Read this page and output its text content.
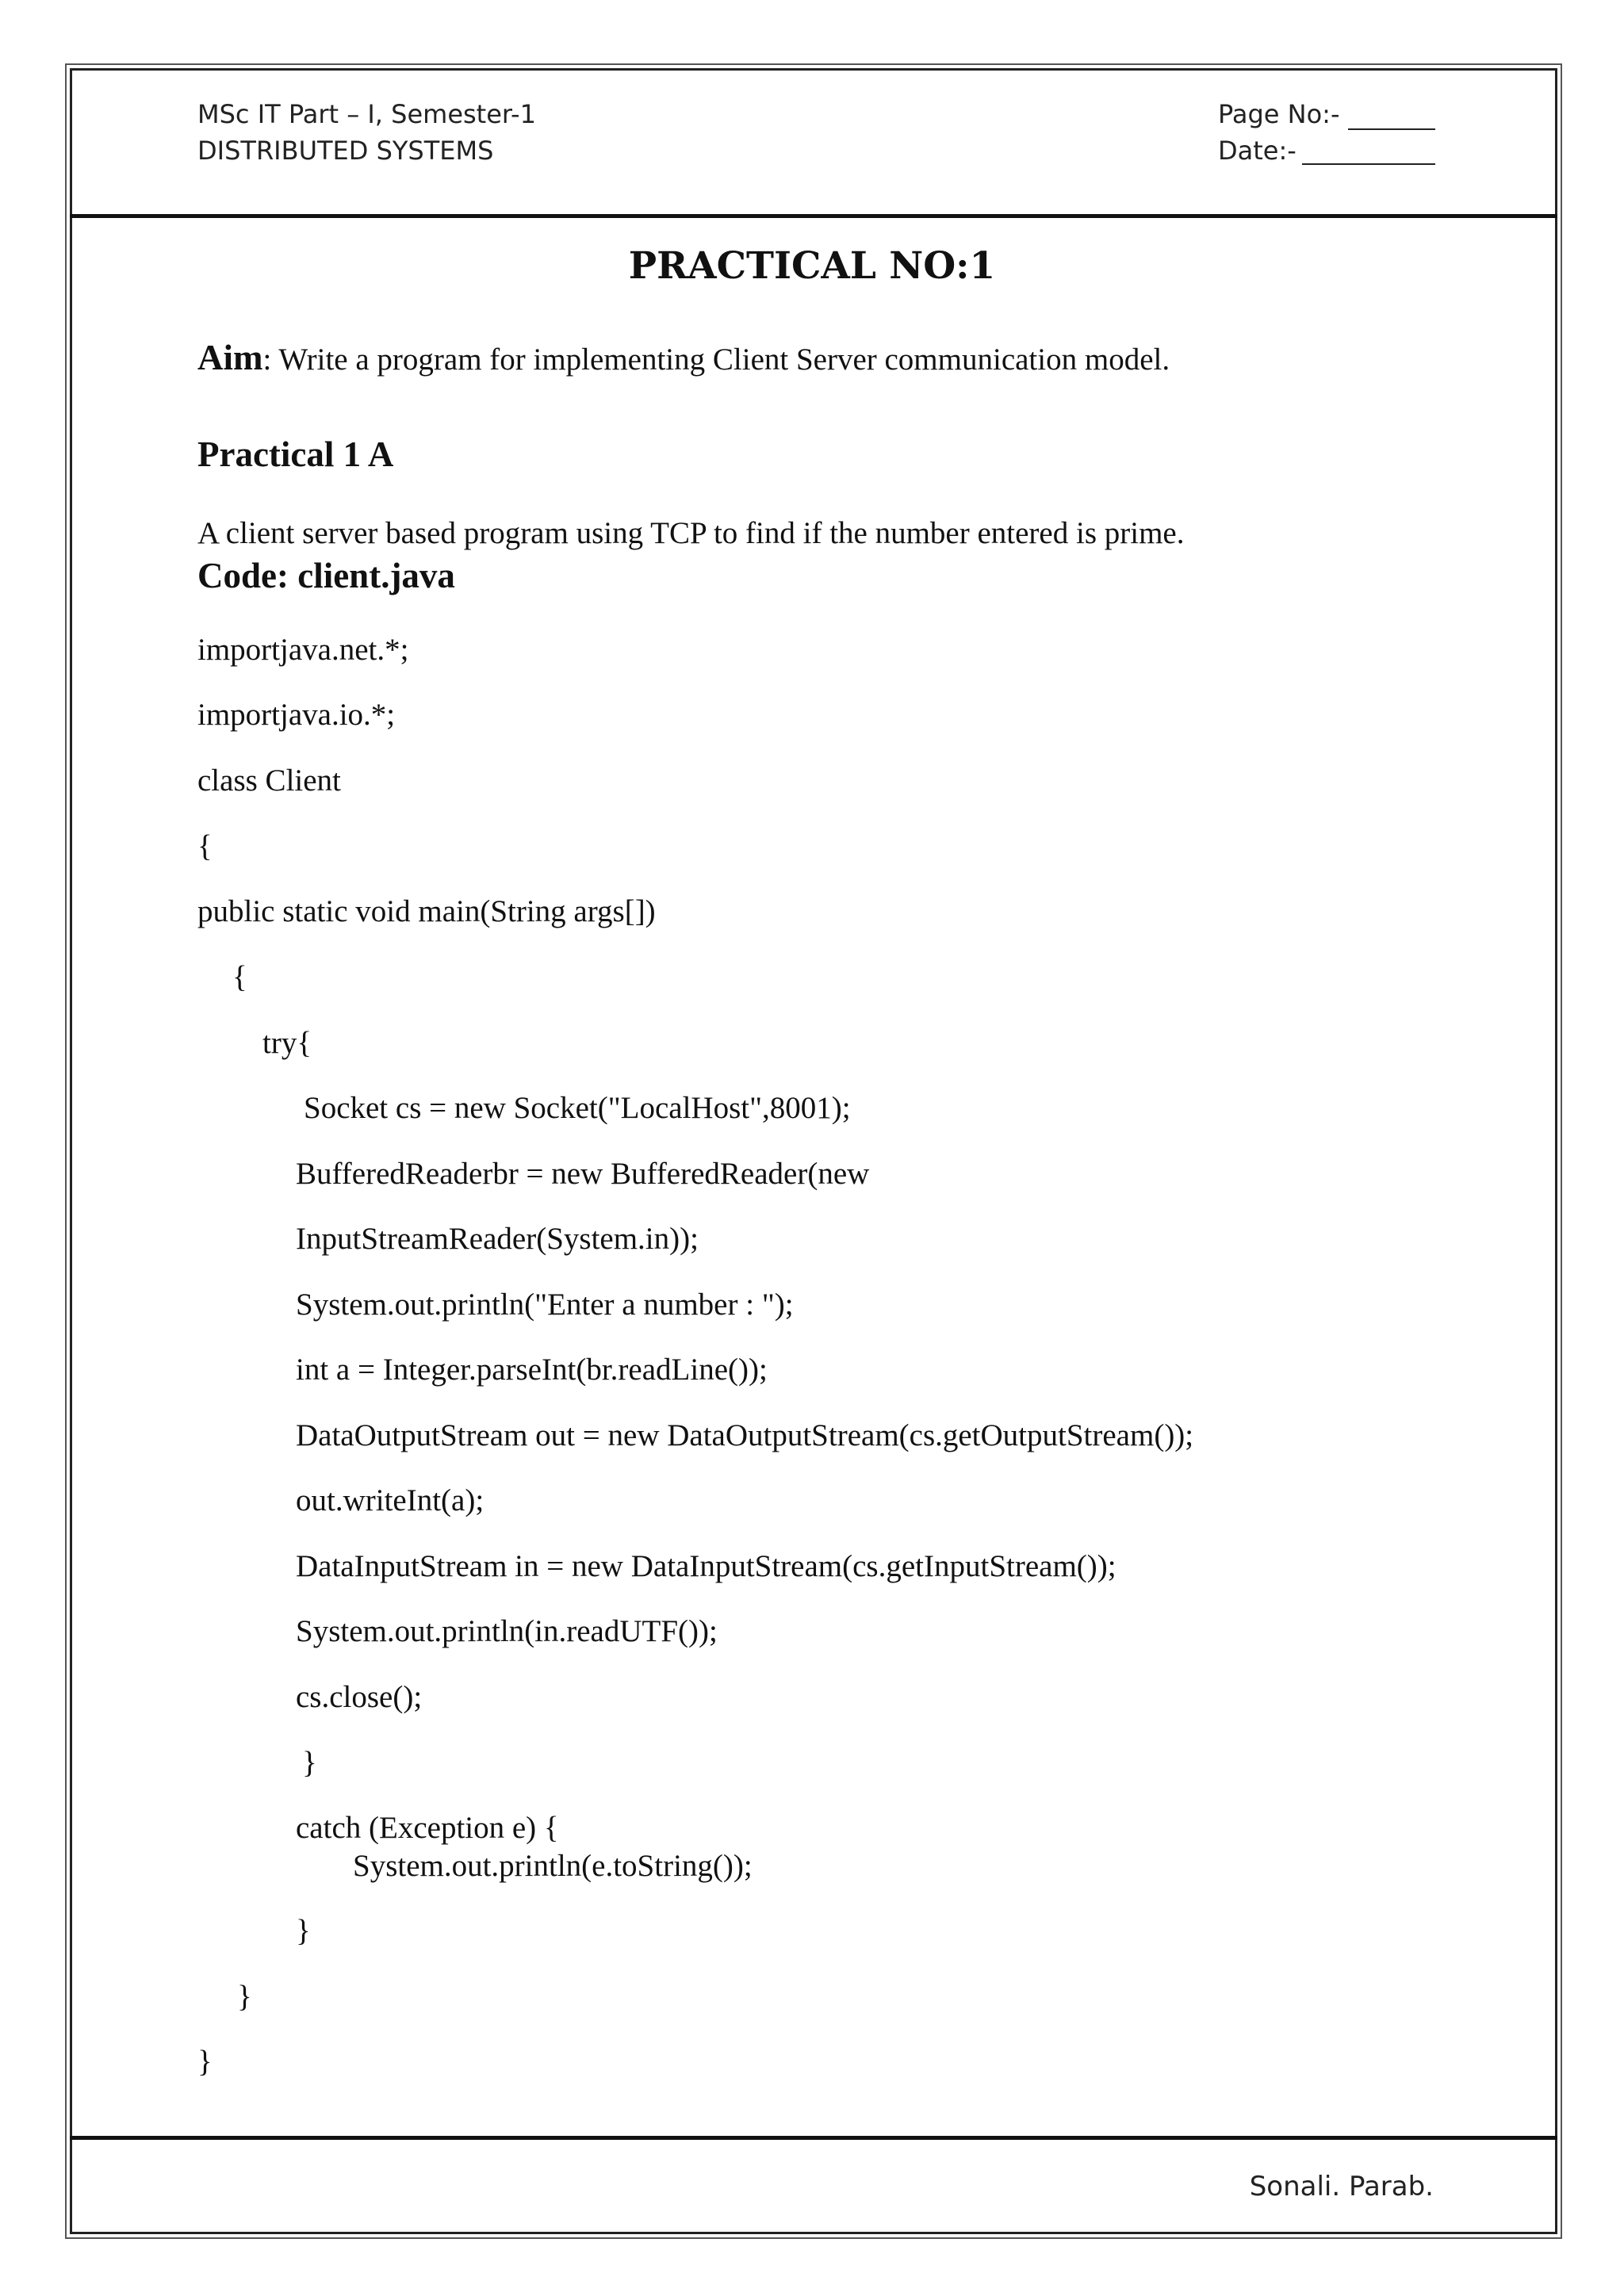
MSc IT Part – I, Semester-1
DISTRIBUTED SYSTEMS
Page No:-
Date:-
PRACTICAL NO:1
Aim: Write a program for implementing Client Server communication model.
Practical 1 A
A client server based program using TCP to find if the number entered is prime.
Code: client.java
importjava.net.*;
importjava.io.*;
class Client
{
public static void main(String args[])
{
try{
Socket cs = new Socket("LocalHost",8001);
BufferedReaderbr = new BufferedReader(new
InputStreamReader(System.in));
System.out.println("Enter a number : ");
int a = Integer.parseInt(br.readLine());
DataOutputStream out = new DataOutputStream(cs.getOutputStream());
out.writeInt(a);
DataInputStream in = new DataInputStream(cs.getInputStream());
System.out.println(in.readUTF());
cs.close();
}
catch (Exception e) {
System.out.println(e.toString());
}
}
}
Sonali. Parab.
